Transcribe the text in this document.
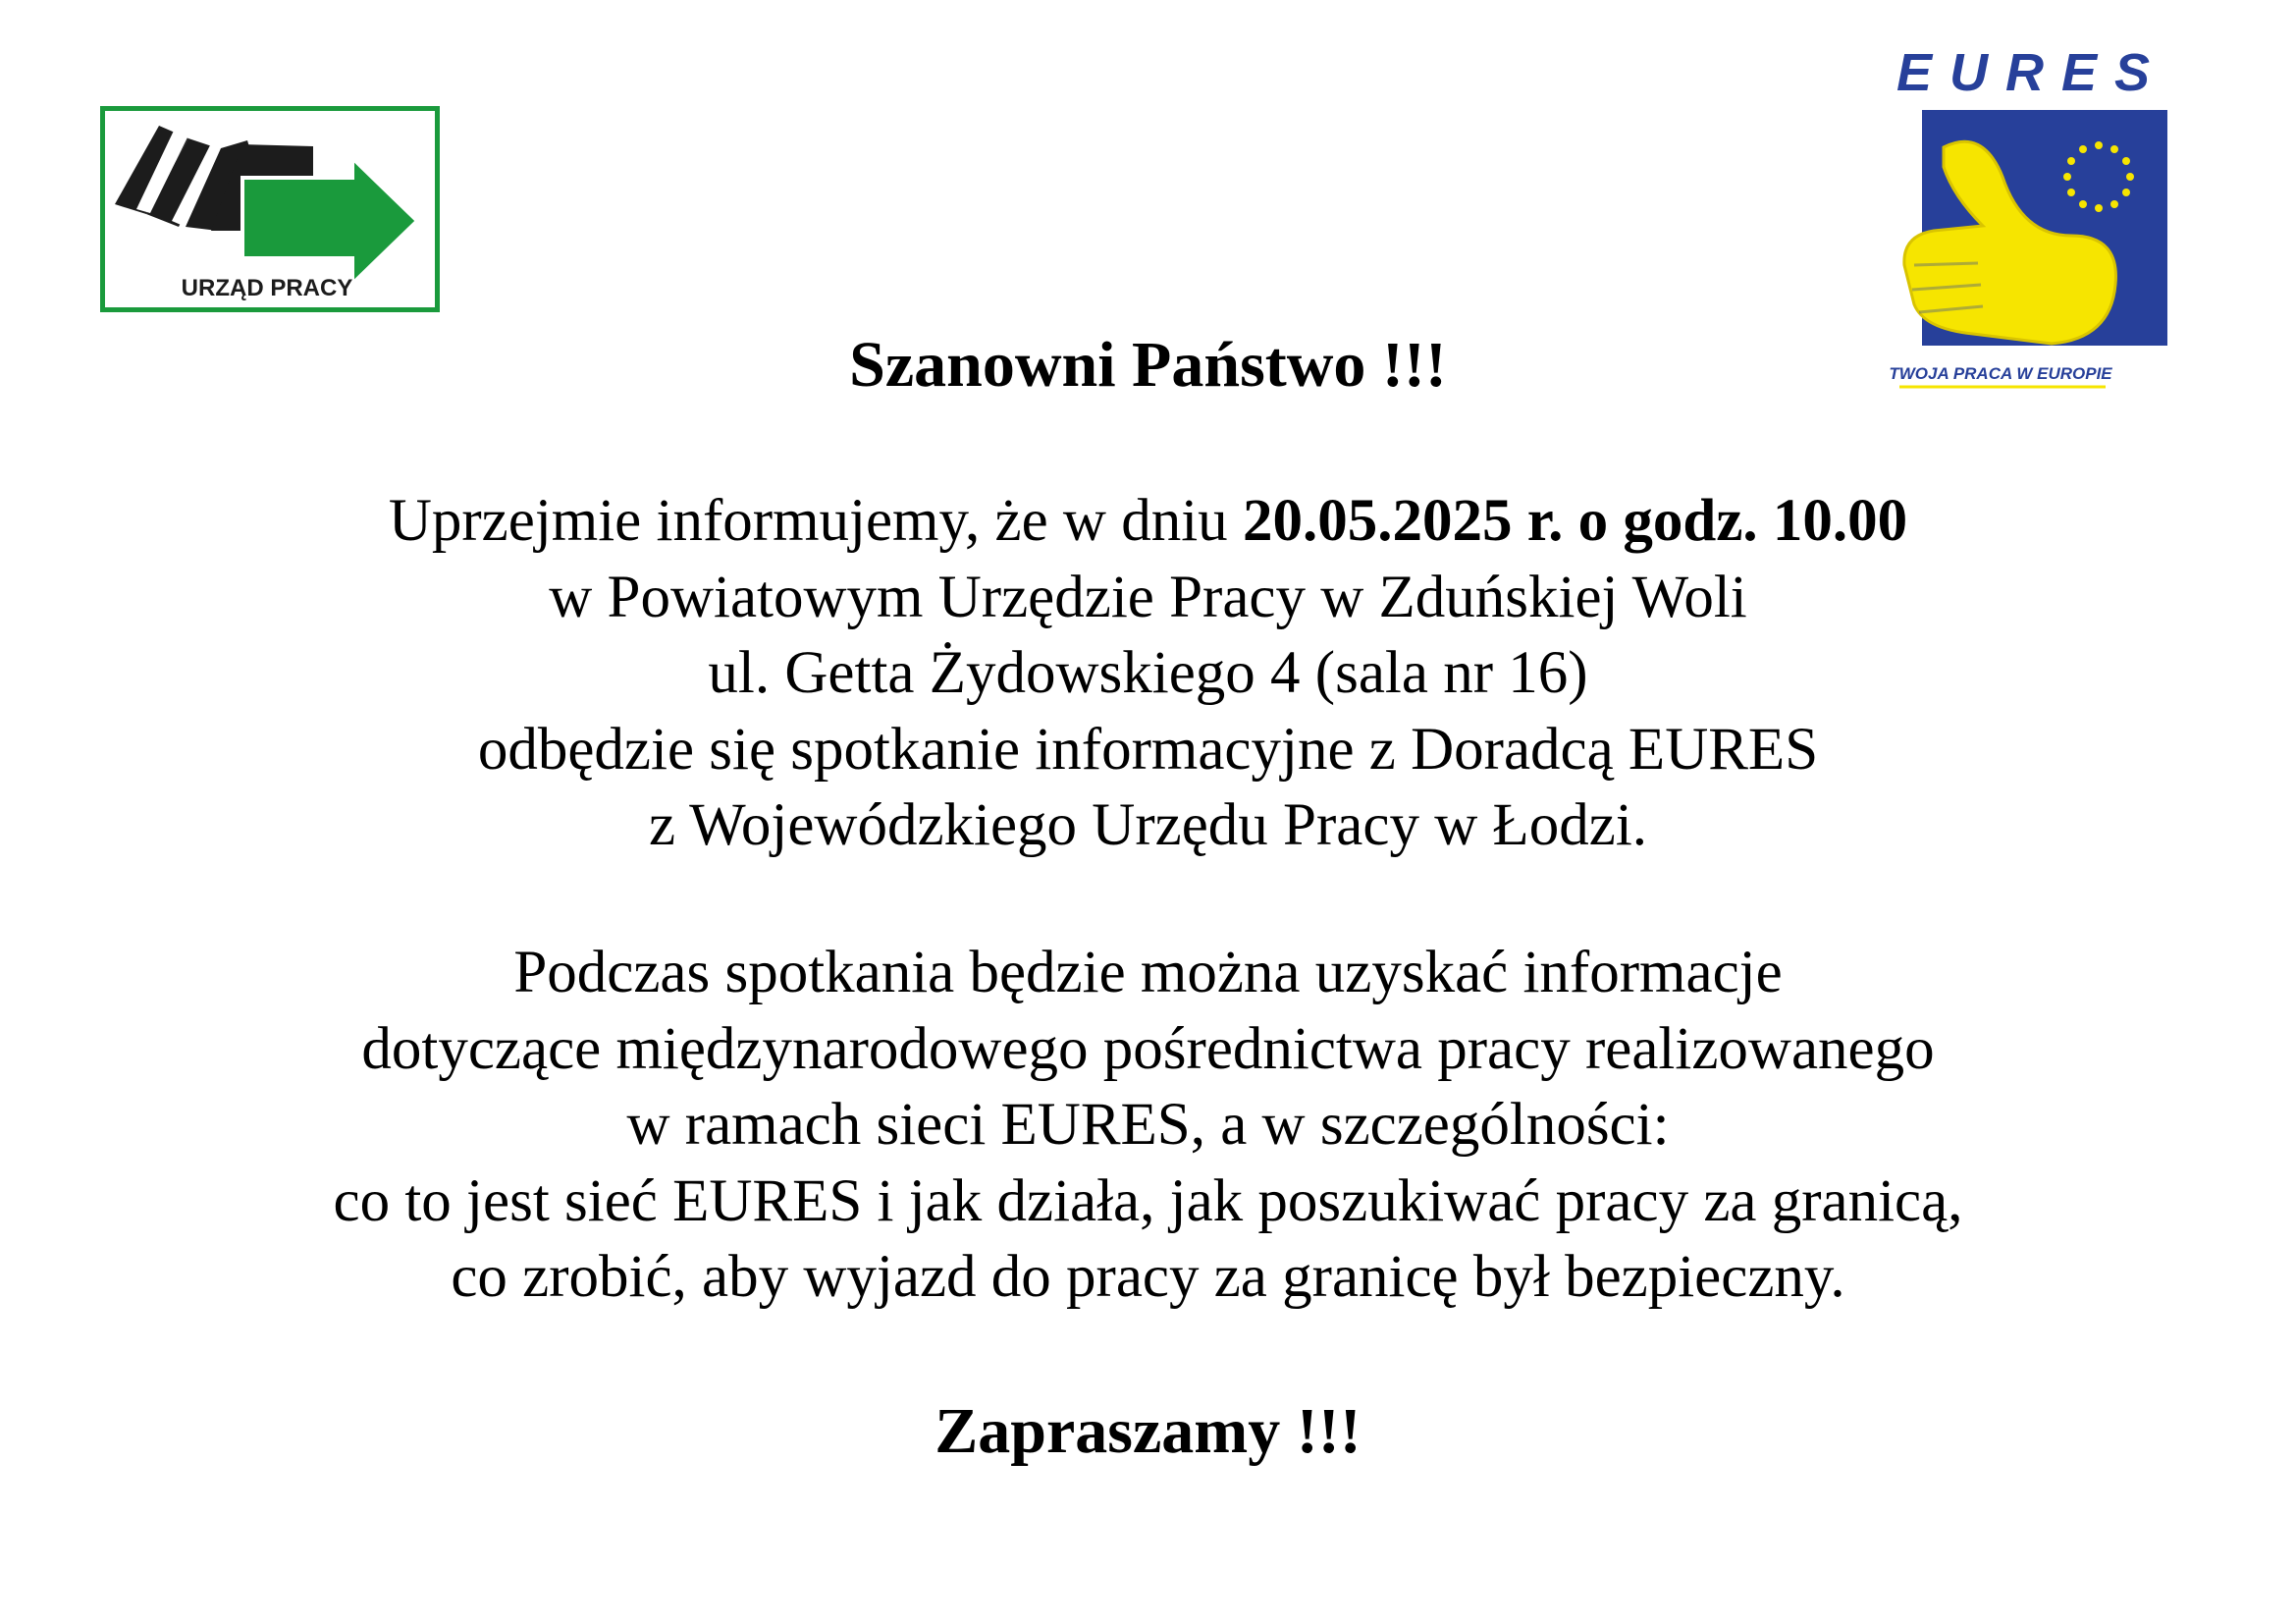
URZĄD PRACY
EURES
TWOJA PRACA W EUROPIE
Szanowni Państwo !!!

Uprzejmie informujemy, że w dniu 20.05.2025 r. o godz. 10.00
w Powiatowym Urzędzie Pracy w Zduńskiej Woli
ul. Getta Żydowskiego 4 (sala nr 16)
odbędzie się spotkanie informacyjne z Doradcą EURES
z Wojewódzkiego Urzędu Pracy w Łodzi.

Podczas spotkania będzie można uzyskać informacje
dotyczące międzynarodowego pośrednictwa pracy realizowanego
w ramach sieci EURES, a w szczególności:
co to jest sieć EURES i jak działa, jak poszukiwać pracy za granicą,
co zrobić, aby wyjazd do pracy za granicę był bezpieczny.

Zapraszamy !!!
